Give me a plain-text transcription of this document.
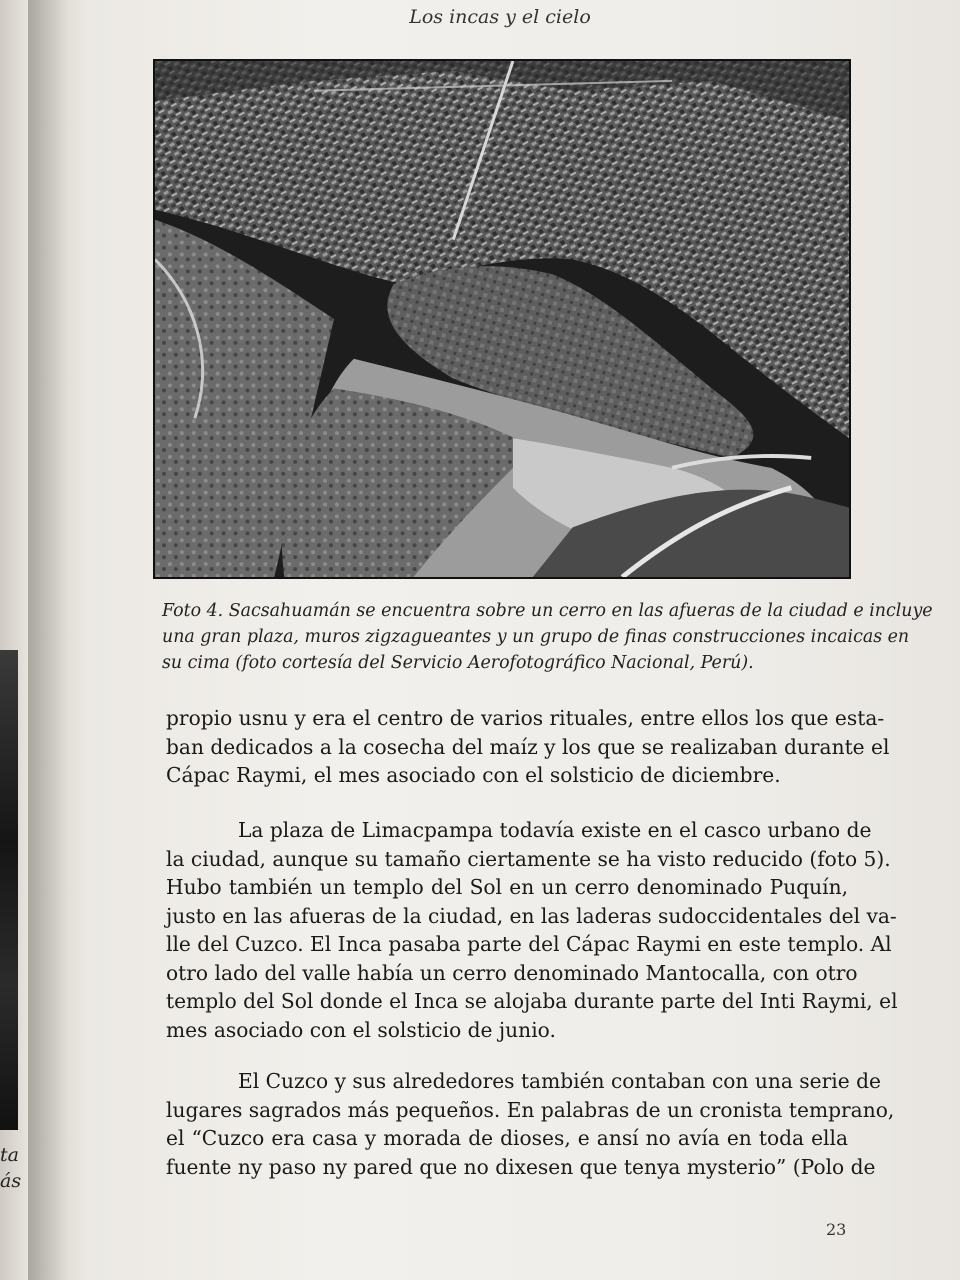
ta
ás
Los incas y el cielo
Foto 4. Sacsahuamán se encuentra sobre un cerro en las afueras de la ciudad e incluye
una gran plaza, muros zigzagueantes y un grupo de finas construcciones incaicas en
su cima (foto cortesía del Servicio Aerofotográfico Nacional, Perú).
propio usnu y era el centro de varios rituales, entre ellos los que esta-
ban dedicados a la cosecha del maíz y los que se realizaban durante el
Cápac Raymi, el mes asociado con el solsticio de diciembre.
La plaza de Limacpampa todavía existe en el casco urbano de
la ciudad, aunque su tamaño ciertamente se ha visto reducido (foto 5).
Hubo también un templo del Sol en un cerro denominado Puquín,
justo en las afueras de la ciudad, en las laderas sudoccidentales del va-
lle del Cuzco. El Inca pasaba parte del Cápac Raymi en este templo. Al
otro lado del valle había un cerro denominado Mantocalla, con otro
templo del Sol donde el Inca se alojaba durante parte del Inti Raymi, el
mes asociado con el solsticio de junio.
El Cuzco y sus alrededores también contaban con una serie de
lugares sagrados más pequeños. En palabras de un cronista temprano,
el “Cuzco era casa y morada de dioses, e ansí no avía en toda ella
fuente ny paso ny pared que no dixesen que tenya mysterio” (Polo de
23
